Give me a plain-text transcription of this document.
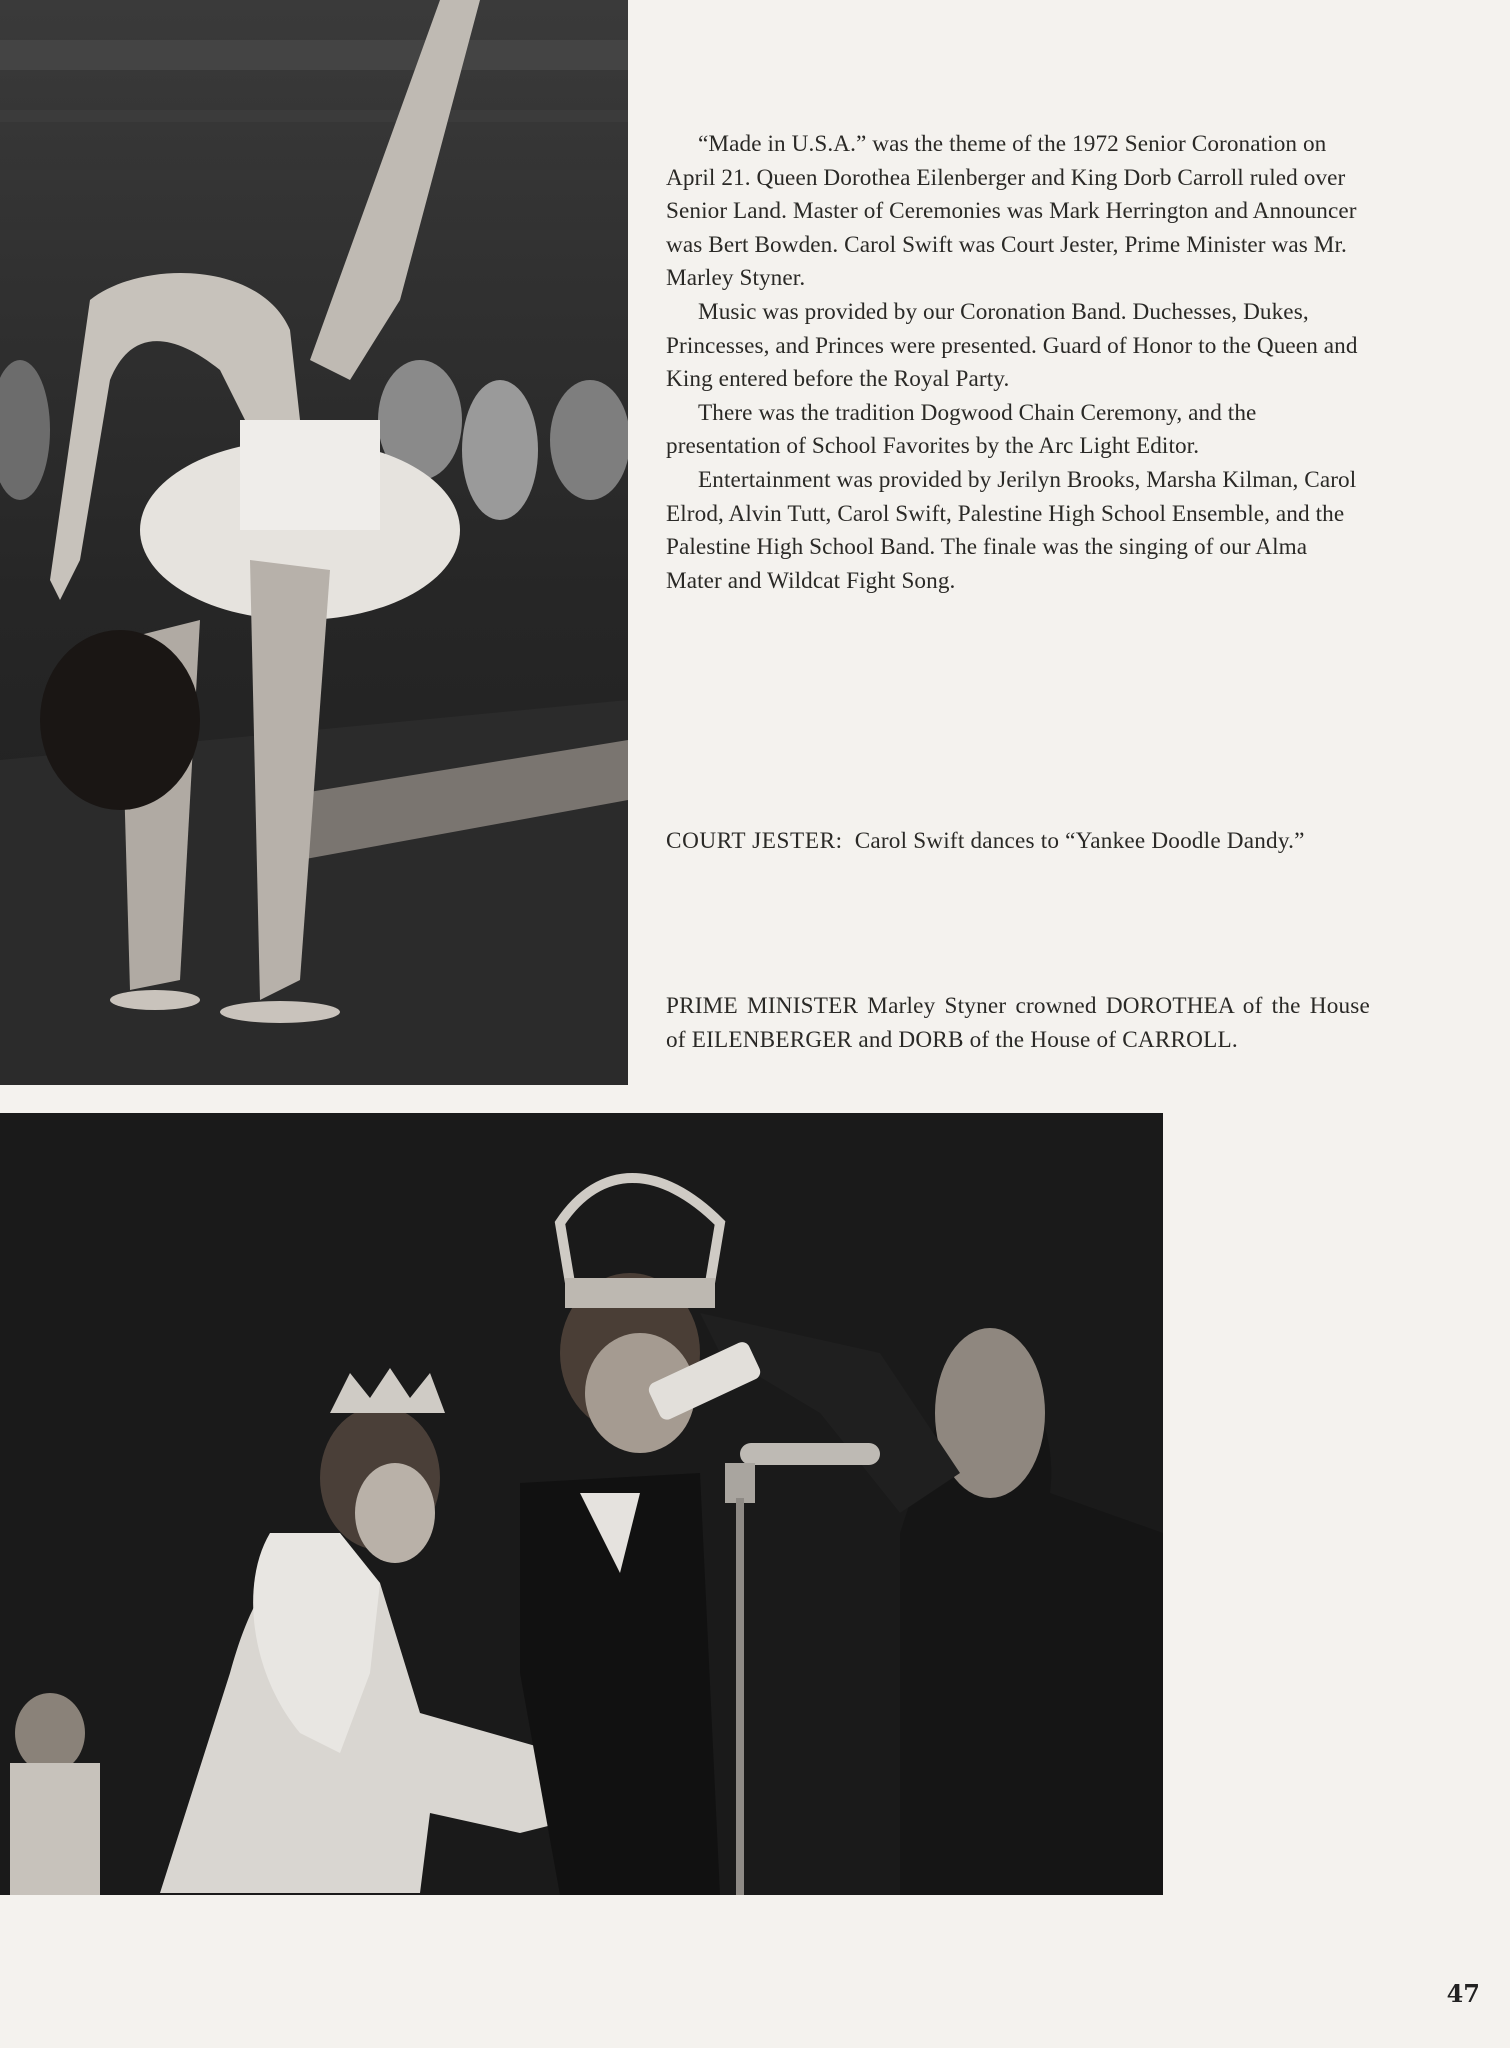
“Made in U.S.A.” was the theme of the 1972 Senior Coronation on April 21. Queen Dorothea Eilenberger and King Dorb Carroll ruled over Senior Land. Master of Ceremonies was Mark Herrington and Announcer was Bert Bowden. Carol Swift was Court Jester, Prime Minister was Mr. Marley Styner.

Music was provided by our Coronation Band. Duchesses, Dukes, Princesses, and Princes were presented. Guard of Honor to the Queen and King entered before the Royal Party.

There was the tradition Dogwood Chain Ceremony, and the presentation of School Favorites by the Arc Light Editor.

Entertainment was provided by Jerilyn Brooks, Marsha Kilman, Carol Elrod, Alvin Tutt, Carol Swift, Palestine High School Ensemble, and the Palestine High School Band. The finale was the singing of our Alma Mater and Wildcat Fight Song.

COURT JESTER: Carol Swift dances to “Yankee Doodle Dandy.”
PRIME MINISTER Marley Styner crowned DOROTHEA of the House of EILENBERGER and DORB of the House of CARROLL.
47
